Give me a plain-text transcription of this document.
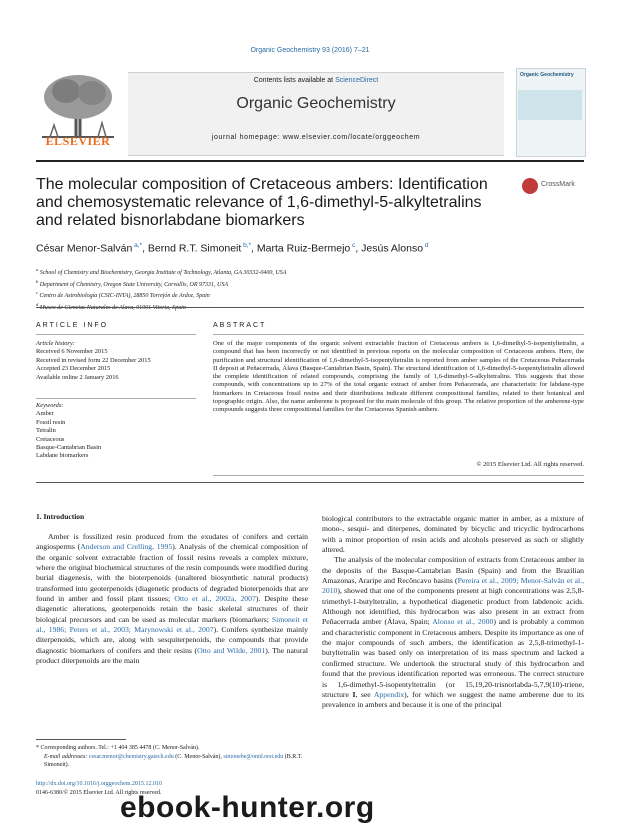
Organic Geochemistry 93 (2016) 7–21
ELSEVIER
Contents lists available at ScienceDirect
Organic Geochemistry
journal homepage: www.elsevier.com/locate/orggeochem
Organic Geochemistry
The molecular composition of Cretaceous ambers: Identification and chemosystematic relevance of 1,6-dimethyl-5-alkyltetralins and related bisnorlabdane biomarkers
CrossMark
César Menor-Salván $^{a,*}$, Bernd R.T. Simoneit $^{b,*}$, Marta Ruiz-Bermejo $^c$, Jesús Alonso $^d$
$^a$ School of Chemistry and Biochemistry, Georgia Institute of Technology, Atlanta, GA 30332-0400, USA
$^b$ Department of Chemistry, Oregon State University, Corvallis, OR 97331, USA
$^c$ Centro de Astrobiología (CSIC-INTA), 28850 Torrejón de Ardoz, Spain
$^d$
ARTICLE INFO
Article history:
Received 6 November 2015
Received in revised form 22 December 2015
Accepted 23 December 2015
Available online 2 January 2016
Keywords:
Amber
Fossil resin
Tetralin
Cretaceous
Basque-Cantabrian Basin
Labdane biomarkers
ABSTRACT
One of the major components of the organic solvent extractable fraction of Cretaceous ambers is 1,6-dimethyl-5-isopentyltetralin, a compound that has been incorrectly or not identified in previous reports on the molecular composition of Cretaceous ambers. Here, the purification and structural identification of 1,6-dimethyl-5-isopentyltetralin is reported from amber samples of the Cretaceous Peñacerrada II deposit at Peñacerrada, Álava (Basque-Cantabrian Basin, Spain). The structural identification of 1,6-dimethyl-5-isopentyltetralin allowed the complete identification of related compounds, comprising the family of 1,6-dimethyl-5-alkyltetralins. This suggests that those compounds, with concentrations up to 27% of the total organic extract of amber from Peñacerrada, are characteristic for labdane-type biomarkers in Cretaceous fossil resins and their distributions indicate different compositional families, related to their botanical and topographic origin. Also, the name amberene is proposed for the main molecule of this group. The relative proportion of the amberene-type compounds suggests three compositional families for the Cretaceous Spanish ambers.
© 2015 Elsevier Ltd. All rights reserved.
1. Introduction

Amber is fossilized resin produced from the exudates of conifers and certain angiosperms (Anderson and Crelling, 1995). Analysis of the chemical composition of the organic solvent extractable fraction of fossil resins reveals a complex mixture, where the original biochemical structures of the resin compounds were modified during burial diagenesis, with the bioterpenoids (unaltered biosynthetic natural products) transformed into geoterpenoids (diagenetic products of degraded bioterpenoids that are found in amber and fossil plant tissues; Otto et al., 2002a, 2007). Despite these diagenetic alterations, geoterpenoids retain the basic skeletal structures of their biological precursors and can be used as molecular markers (biomarkers; Simoneit et al., 1986; Peters et al., 2003; Marynowski et al., 2007). Conifers synthesize mainly diterpenoids, which are, along with sesquiterpenoids, the compounds that provide diagnostic biomarkers of conifers and their resins (Otto and Wilde, 2001). The natural product diterpenoids are the main

biological contributors to the extractable organic matter in amber, as a mixture of mono-, sesqui- and diterpenes, dominated by bicyclic and tricyclic hydrocarbons with a minor proportion of resin acids and alcohols preserved as such or slightly altered.

The analysis of the molecular composition of extracts from Cretaceous amber in the deposits of the Basque-Cantabrian Basin (Spain) and from the Brazilian Amazonas, Araripe and Recôncavo basins (Pereira et al., 2009; Menor-Salván et al., 2010), showed that one of the components present at high concentrations was 2,5,8-trimethyl-1-butyltetralin, a hypothetical diagenetic product from labdenoic acids. Although not identified, this hydrocarbon was also present in an extract from Peñacerrada amber (Álava, Spain; Alonso et al., 2000) and is probably a common and characteristic component in Cretaceous ambers. Despite its importance as one of the major compounds of such ambers, the identification as 2,5,8-trimethyl-1-butyltetralin was based only on interpretation of its mass spectrum and lacked a confirmed structure. We undertook the structural study of this hydrocarbon and found that the previous identification reported was erroneous. The correct structure is 1,6-dimethyl-5-isopentyltetralin (or 15,19,20-trisnorlabda-5,7,9(10)-triene, structure I, see Appendix), for which we suggest the name amberene due to its prevalence in ambers and because it is one of the principal

* Corresponding authors. Tel.: +1 404 385 4478 (C. Menor-Salván).
E-mail addresses: cesar.menor@chemistry.gatech.edu (C. Menor-Salván), simonebe@onid.orst.edu (B.R.T. Simoneit).
http://dx.doi.org/10.1016/j.orggeochem.2015.12.010
0146-6380/© 2015 Elsevier Ltd. All rights reserved.
ebook-hunter.org
